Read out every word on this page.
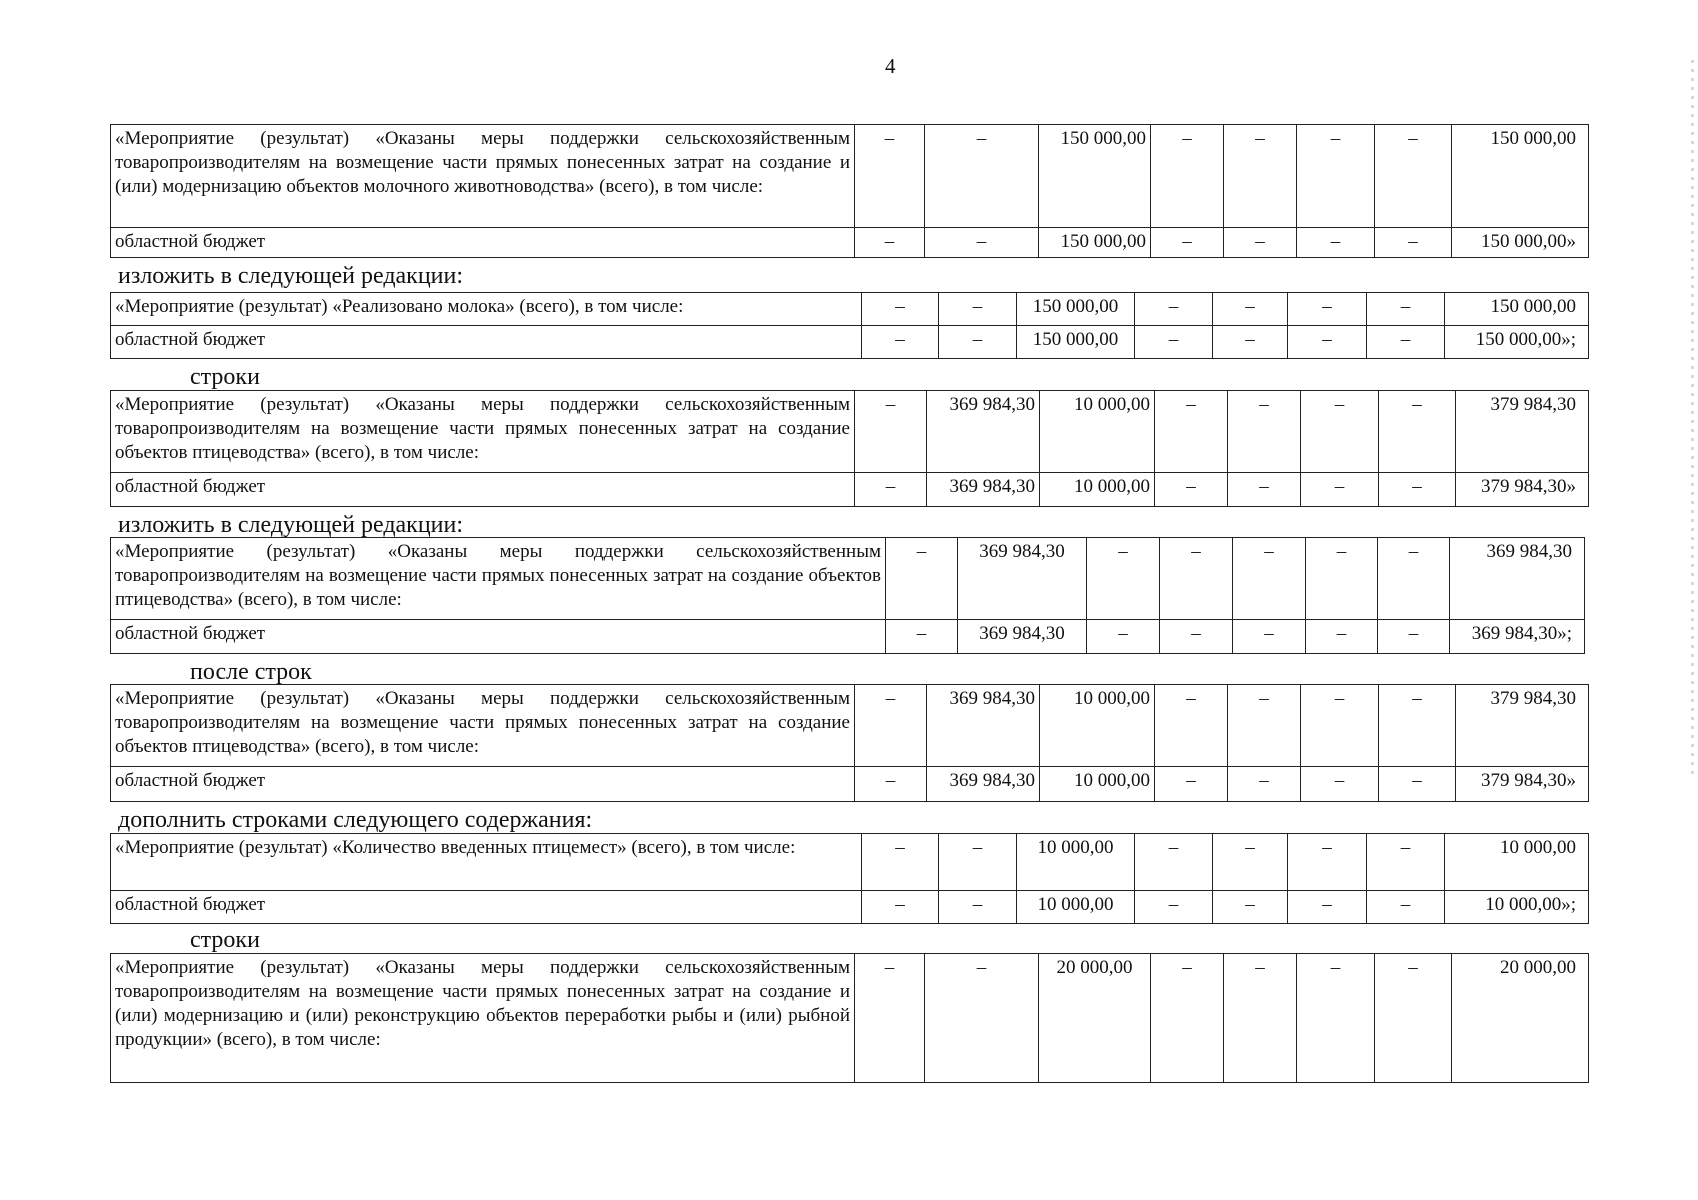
4
«Мероприятие (результат) «Оказаны меры поддержки сельскохозяйственным товаропроизводителям на возмещение части прямых понесенных затрат на создание и (или) модернизацию объектов молочного животноводства» (всего), в том числе:	–	–	150 000,00	–	–	–	–	150 000,00
областной бюджет	–	–	150 000,00	–	–	–	–	150 000,00»
изложить в следующей редакции:
«Мероприятие (результат) «Реализовано молока» (всего), в том числе:	–	–	150 000,00	–	–	–	–	150 000,00
областной бюджет	–	–	150 000,00	–	–	–	–	150 000,00»;
строки
«Мероприятие (результат) «Оказаны меры поддержки сельскохозяйственным товаропроизводителям на возмещение части прямых понесенных затрат на создание объектов птицеводства» (всего), в том числе:	–	369 984,30	10 000,00	–	–	–	–	379 984,30
областной бюджет	–	369 984,30	10 000,00	–	–	–	–	379 984,30»
изложить в следующей редакции:
«Мероприятие (результат) «Оказаны меры поддержки сельскохозяйственным товаропроизводителям на возмещение части прямых понесенных затрат на создание объектов птицеводства» (всего), в том числе:	–	369 984,30	–	–	–	–	–	369 984,30
областной бюджет	–	369 984,30	–	–	–	–	–	369 984,30»;
после строк
«Мероприятие (результат) «Оказаны меры поддержки сельскохозяйственным товаропроизводителям на возмещение части прямых понесенных затрат на создание объектов птицеводства» (всего), в том числе:	–	369 984,30	10 000,00	–	–	–	–	379 984,30
областной бюджет	–	369 984,30	10 000,00	–	–	–	–	379 984,30»
дополнить строками следующего содержания:
«Мероприятие (результат) «Количество введенных птицемест» (всего), в том числе:	–	–	10 000,00	–	–	–	–	10 000,00
областной бюджет	–	–	10 000,00	–	–	–	–	10 000,00»;
строки
«Мероприятие (результат) «Оказаны меры поддержки сельскохозяйственным товаропроизводителям на возмещение части прямых понесенных затрат на создание и (или) модернизацию и (или) реконструкцию объектов переработки рыбы и (или) рыбной продукции» (всего), в том числе:	–	–	20 000,00	–	–	–	–	20 000,00
